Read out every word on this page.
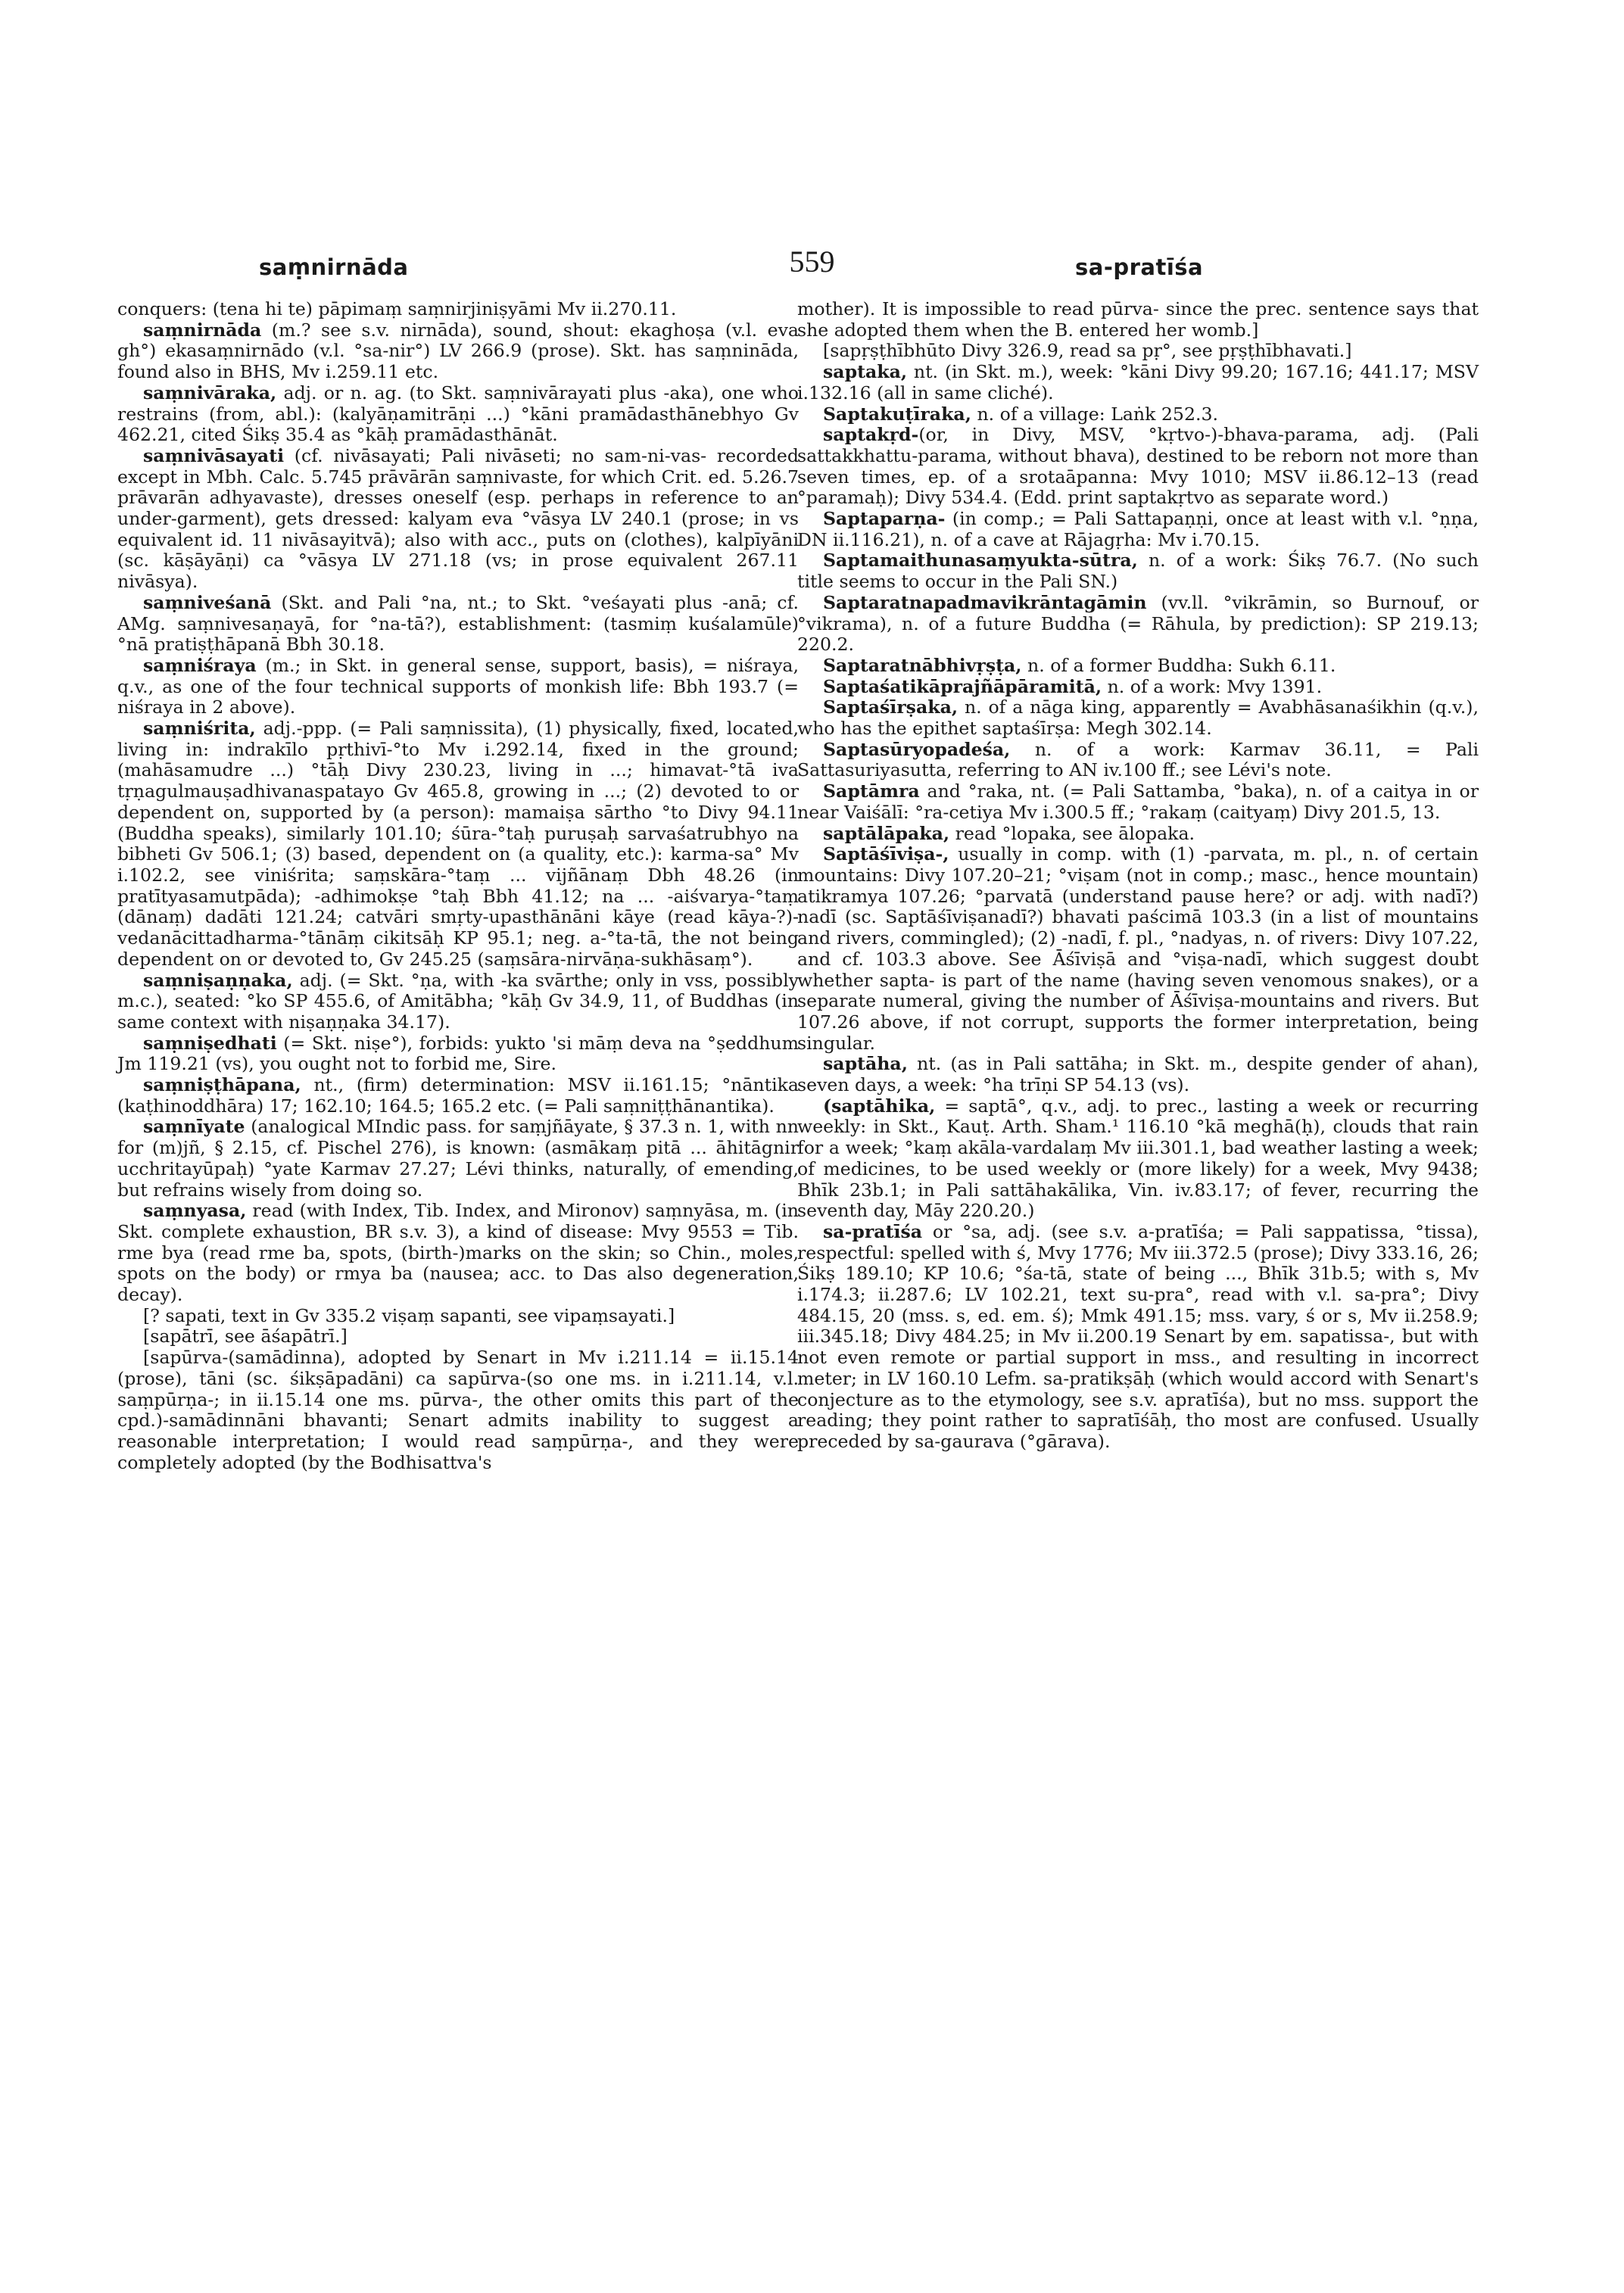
saṃnirnāda	559	sa-pratīśa

conquers: (tena hi te) pāpimaṃ saṃnirjiniṣyāmi Mv ii.270.11.

saṃnirnāda (m.? see s.v. nirnāda), sound, shout: ekaghoṣa (v.l. eva gh°) ekasaṃnirnādo (v.l. °sa-nir°) LV 266.9 (prose). Skt. has saṃnināda, found also in BHS, Mv i.259.11 etc.

saṃnivāraka, adj. or n. ag. (to Skt. saṃnivārayati plus -aka), one who restrains (from, abl.): (kalyāṇamitrāṇi ...) °kāni pramādasthānebhyo Gv 462.21, cited Śikṣ 35.4 as °kāḥ pramādasthānāt.

saṃnivāsayati (cf. nivāsayati; Pali nivāseti; no sam-ni-vas- recorded except in Mbh. Calc. 5.745 prāvārān saṃnivaste, for which Crit. ed. 5.26.7 prāvarān adhyavaste), dresses oneself (esp. perhaps in reference to an under-garment), gets dressed: kalyam eva °vāsya LV 240.1 (prose; in vs equivalent id. 11 nivāsayitvā); also with acc., puts on (clothes), kalpīyāni (sc. kāṣāyāṇi) ca °vāsya LV 271.18 (vs; in prose equivalent 267.11 nivāsya).

saṃniveśanā (Skt. and Pali °na, nt.; to Skt. °veśayati plus -anā; cf. AMg. saṃnivesaṇayā, for °na-tā?), establishment: (tasmiṃ kuśalamūle) °nā pratiṣṭhāpanā Bbh 30.18.

saṃniśraya (m.; in Skt. in general sense, support, basis), = niśraya, q.v., as one of the four technical supports of monkish life: Bbh 193.7 (= niśraya in 2 above).

saṃniśrita, adj.-ppp. (= Pali saṃnissita), (1) physically, fixed, located, living in: indrakīlo pṛthivī-°to Mv i.292.14, fixed in the ground; (mahāsamudre ...) °tāḥ Divy 230.23, living in ...; himavat-°tā iva tṛṇagulmauṣadhivanaspatayo Gv 465.8, growing in ...; (2) devoted to or dependent on, supported by (a person): mamaiṣa sārtho °to Divy 94.11 (Buddha speaks), similarly 101.10; śūra-°taḥ puruṣaḥ sarvaśatrubhyo na bibheti Gv 506.1; (3) based, dependent on (a quality, etc.): karma-sa° Mv i.102.2, see viniśrita; saṃskāra-°taṃ ... vijñānaṃ Dbh 48.26 (in pratītyasamutpāda); -adhimokṣe °taḥ Bbh 41.12; na ... -aiśvarya-°taṃ (dānaṃ) dadāti 121.24; catvāri smṛty-upasthānāni kāye (read kāya-?)-vedanācittadharma-°tānāṃ cikitsāḥ KP 95.1; neg. a-°ta-tā, the not being dependent on or devoted to, Gv 245.25 (saṃsāra-nirvāṇa-sukhāsaṃ°).

saṃniṣaṇṇaka, adj. (= Skt. °ṇa, with -ka svārthe; only in vss, possibly m.c.), seated: °ko SP 455.6, of Amitābha; °kāḥ Gv 34.9, 11, of Buddhas (in same context with niṣaṇṇaka 34.17).

saṃniṣedhati (= Skt. niṣe°), forbids: yukto 'si māṃ deva na °ṣeddhum Jm 119.21 (vs), you ought not to forbid me, Sire.

saṃniṣṭhāpana, nt., (firm) determination: MSV ii.161.15; °nāntika (kaṭhinoddhāra) 17; 162.10; 164.5; 165.2 etc. (= Pali saṃniṭṭhānantika).

saṃnīyate (analogical MIndic pass. for saṃjñāyate, § 37.3 n. 1, with nn for (m)jñ, § 2.15, cf. Pischel 276), is known: (asmākaṃ pitā ... āhitāgnir ucchritayūpaḥ) °yate Karmav 27.27; Lévi thinks, naturally, of emending, but refrains wisely from doing so.

saṃnyasa, read (with Index, Tib. Index, and Mironov) saṃnyāsa, m. (in Skt. complete exhaustion, BR s.v. 3), a kind of disease: Mvy 9553 = Tib. rme bya (read rme ba, spots, (birth-)marks on the skin; so Chin., moles, spots on the body) or rmya ba (nausea; acc. to Das also degeneration, decay).

[? sapati, text in Gv 335.2 viṣaṃ sapanti, see vipaṃsayati.]

[sapātrī, see āśapātrī.]

[sapūrva-(samādinna), adopted by Senart in Mv i.211.14 = ii.15.14 (prose), tāni (sc. śikṣāpadāni) ca sapūrva-(so one ms. in i.211.14, v.l. saṃpūrṇa-; in ii.15.14 one ms. pūrva-, the other omits this part of the cpd.)-samādinnāni bhavanti; Senart admits inability to suggest a reasonable interpretation; I would read saṃpūrṇa-, and they were completely adopted (by the Bodhisattva's

mother). It is impossible to read pūrva- since the prec. sentence says that she adopted them when the B. entered her womb.]

[sapṛṣṭhībhūto Divy 326.9, read sa pṛ°, see pṛṣṭhībhavati.]

saptaka, nt. (in Skt. m.), week: °kāni Divy 99.20; 167.16; 441.17; MSV i.132.16 (all in same cliché).

Saptakuṭīraka, n. of a village: Laṅk 252.3.

saptakṛd-(or, in Divy, MSV, °kṛtvo-)-bhava-parama, adj. (Pali sattakkhattu-parama, without bhava), destined to be reborn not more than seven times, ep. of a srotaāpanna: Mvy 1010; MSV ii.86.12–13 (read °paramaḥ); Divy 534.4. (Edd. print saptakṛtvo as separate word.)

Saptaparṇa- (in comp.; = Pali Sattapaṇṇi, once at least with v.l. °ṇṇa, DN ii.116.21), n. of a cave at Rājagṛha: Mv i.70.15.

Saptamaithunasaṃyukta-sūtra, n. of a work: Śikṣ 76.7. (No such title seems to occur in the Pali SN.)

Saptaratnapadmavikrāntagāmin (vv.ll. °vikrāmin, so Burnouf, or °vikrama), n. of a future Buddha (= Rāhula, by prediction): SP 219.13; 220.2.

Saptaratnābhivṛṣṭa, n. of a former Buddha: Sukh 6.11.

Saptaśatikāprajñāpāramitā, n. of a work: Mvy 1391.

Saptaśīrṣaka, n. of a nāga king, apparently = Avabhāsanaśikhin (q.v.), who has the epithet saptaśīrṣa: Megh 302.14.

Saptasūryopadeśa, n. of a work: Karmav 36.11, = Pali Sattasuriyasutta, referring to AN iv.100 ff.; see Lévi's note.

Saptāmra and °raka, nt. (= Pali Sattamba, °baka), n. of a caitya in or near Vaiśālī: °ra-cetiya Mv i.300.5 ff.; °rakaṃ (caityaṃ) Divy 201.5, 13.

saptālāpaka, read °lopaka, see ālopaka.

Saptāśīviṣa-, usually in comp. with (1) -parvata, m. pl., n. of certain mountains: Divy 107.20–21; °viṣam (not in comp.; masc., hence mountain) atikramya 107.26; °parvatā (understand pause here? or adj. with nadī?) nadī (sc. Saptāśīviṣanadī?) bhavati paścimā 103.3 (in a list of mountains and rivers, commingled); (2) -nadī, f. pl., °nadyas, n. of rivers: Divy 107.22, and cf. 103.3 above. See Āśīviṣā and °viṣa-nadī, which suggest doubt whether sapta- is part of the name (having seven venomous snakes), or a separate numeral, giving the number of Āśīviṣa-mountains and rivers. But 107.26 above, if not corrupt, supports the former interpretation, being singular.

saptāha, nt. (as in Pali sattāha; in Skt. m., despite gender of ahan), seven days, a week: °ha trīṇi SP 54.13 (vs).

(saptāhika, = saptā°, q.v., adj. to prec., lasting a week or recurring weekly: in Skt., Kauṭ. Arth. Sham.¹ 116.10 °kā meghā(ḥ), clouds that rain for a week; °kaṃ akāla-vardalaṃ Mv iii.301.1, bad weather lasting a week; of medicines, to be used weekly or (more likely) for a week, Mvy 9438; Bhīk 23b.1; in Pali sattāhakālika, Vin. iv.83.17; of fever, recurring the seventh day, Māy 220.20.)

sa-pratīśa or °sa, adj. (see s.v. a-pratīśa; = Pali sappatissa, °tissa), respectful: spelled with ś, Mvy 1776; Mv iii.372.5 (prose); Divy 333.16, 26; Śikṣ 189.10; KP 10.6; °śa-tā, state of being ..., Bhīk 31b.5; with s, Mv i.174.3; ii.287.6; LV 102.21, text su-pra°, read with v.l. sa-pra°; Divy 484.15, 20 (mss. s, ed. em. ś); Mmk 491.15; mss. vary, ś or s, Mv ii.258.9; iii.345.18; Divy 484.25; in Mv ii.200.19 Senart by em. sapatissa-, but with not even remote or partial support in mss., and resulting in incorrect meter; in LV 160.10 Lefm. sa-pratikṣāḥ (which would accord with Senart's conjecture as to the etymology, see s.v. apratīśa), but no mss. support the reading; they point rather to sapratīśāḥ, tho most are confused. Usually preceded by sa-gaurava (°gārava).
